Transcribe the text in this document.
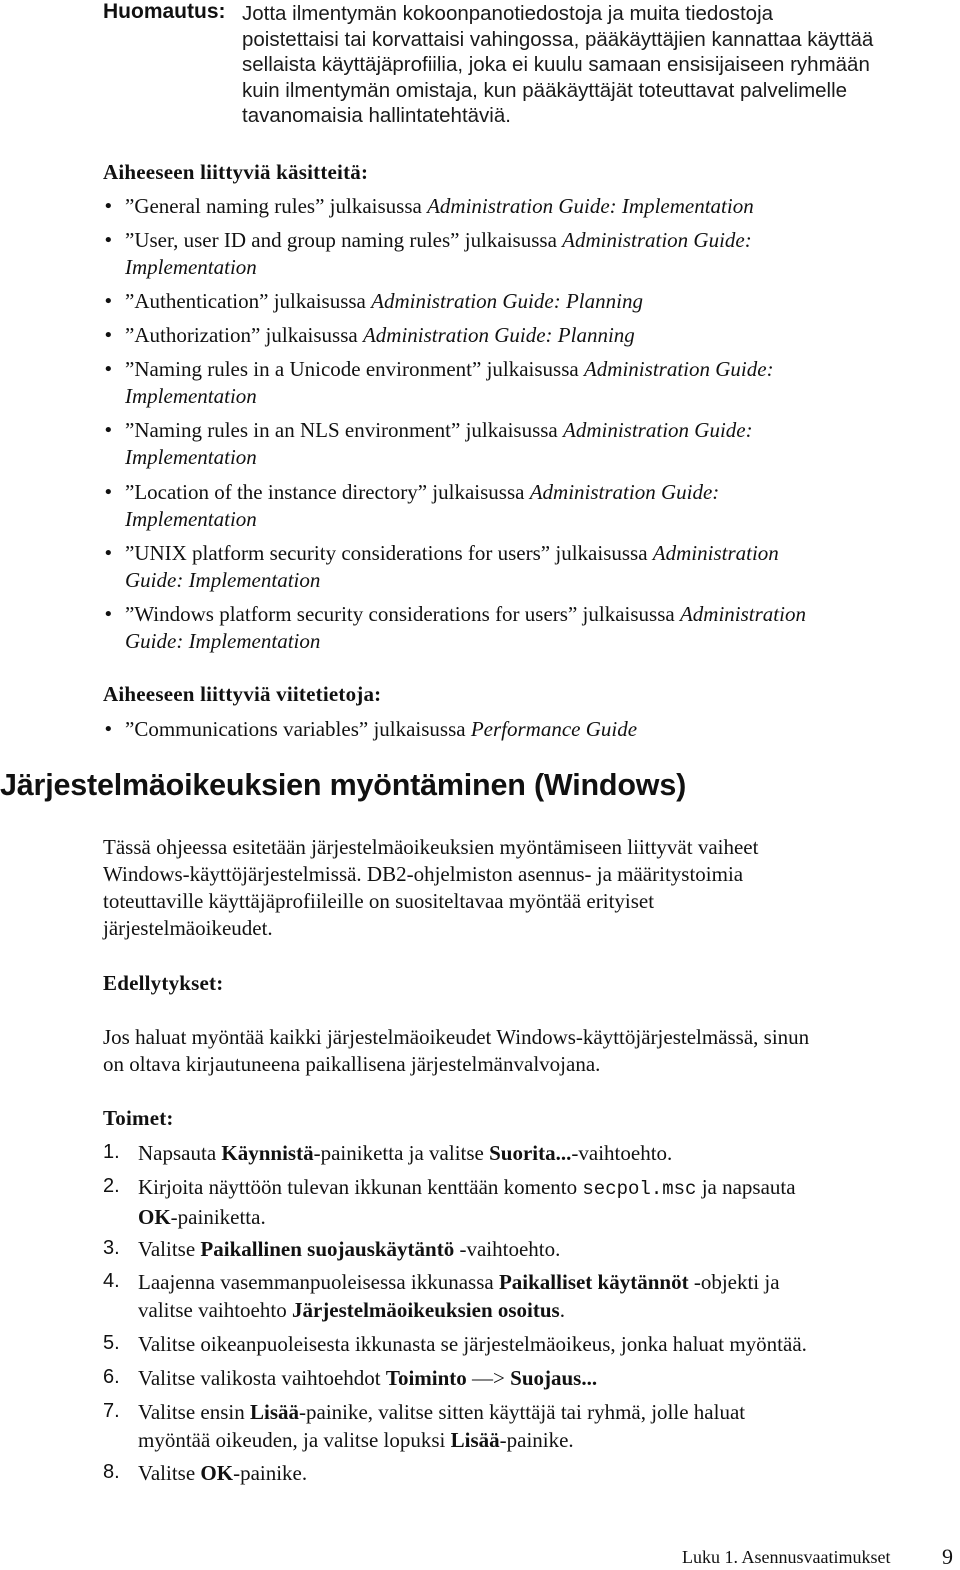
Huomautus: Jotta ilmentymän kokoonpanotiedostoja ja muita tiedostoja
poistettaisi tai korvattaisi vahingossa, pääkäyttäjien kannattaa käyttää
sellaista käyttäjäprofiilia, joka ei kuulu samaan ensisijaiseen ryhmään
kuin ilmentymän omistaja, kun pääkäyttäjät toteuttavat palvelimelle
tavanomaisia hallintatehtäviä.
Aiheeseen liittyviä käsitteitä:
• ”General naming rules” julkaisussa Administration Guide: Implementation
• ”User, user ID and group naming rules” julkaisussa Administration Guide:
Implementation
• ”Authentication” julkaisussa Administration Guide: Planning
• ”Authorization” julkaisussa Administration Guide: Planning
• ”Naming rules in a Unicode environment” julkaisussa Administration Guide:
Implementation
• ”Naming rules in an NLS environment” julkaisussa Administration Guide:
Implementation
• ”Location of the instance directory” julkaisussa Administration Guide:
Implementation
• ”UNIX platform security considerations for users” julkaisussa Administration
Guide: Implementation
• ”Windows platform security considerations for users” julkaisussa Administration
Guide: Implementation
Aiheeseen liittyviä viitetietoja:
• ”Communications variables” julkaisussa Performance Guide
Järjestelmäoikeuksien myöntäminen (Windows)
Tässä ohjeessa esitetään järjestelmäoikeuksien myöntämiseen liittyvät vaiheet
Windows-käyttöjärjestelmissä. DB2-ohjelmiston asennus- ja määritystoimia
toteuttaville käyttäjäprofiileille on suositeltavaa myöntää erityiset
järjestelmäoikeudet.
Edellytykset:
Jos haluat myöntää kaikki järjestelmäoikeudet Windows-käyttöjärjestelmässä, sinun
on oltava kirjautuneena paikallisena järjestelmänvalvojana.
Toimet:
1. Napsauta Käynnistä-painiketta ja valitse Suorita...-vaihtoehto.
2. Kirjoita näyttöön tulevan ikkunan kenttään komento secpol.msc ja napsauta
OK-painiketta.
3. Valitse Paikallinen suojauskäytäntö -vaihtoehto.
4. Laajenna vasemmanpuoleisessa ikkunassa Paikalliset käytännöt -objekti ja
valitse vaihtoehto Järjestelmäoikeuksien osoitus.
5. Valitse oikeanpuoleisesta ikkunasta se järjestelmäoikeus, jonka haluat myöntää.
6. Valitse valikosta vaihtoehdot Toiminto —> Suojaus...
7. Valitse ensin Lisää-painike, valitse sitten käyttäjä tai ryhmä, jolle haluat
myöntää oikeuden, ja valitse lopuksi Lisää-painike.
8. Valitse OK-painike.
Luku 1. Asennusvaatimukset 9
